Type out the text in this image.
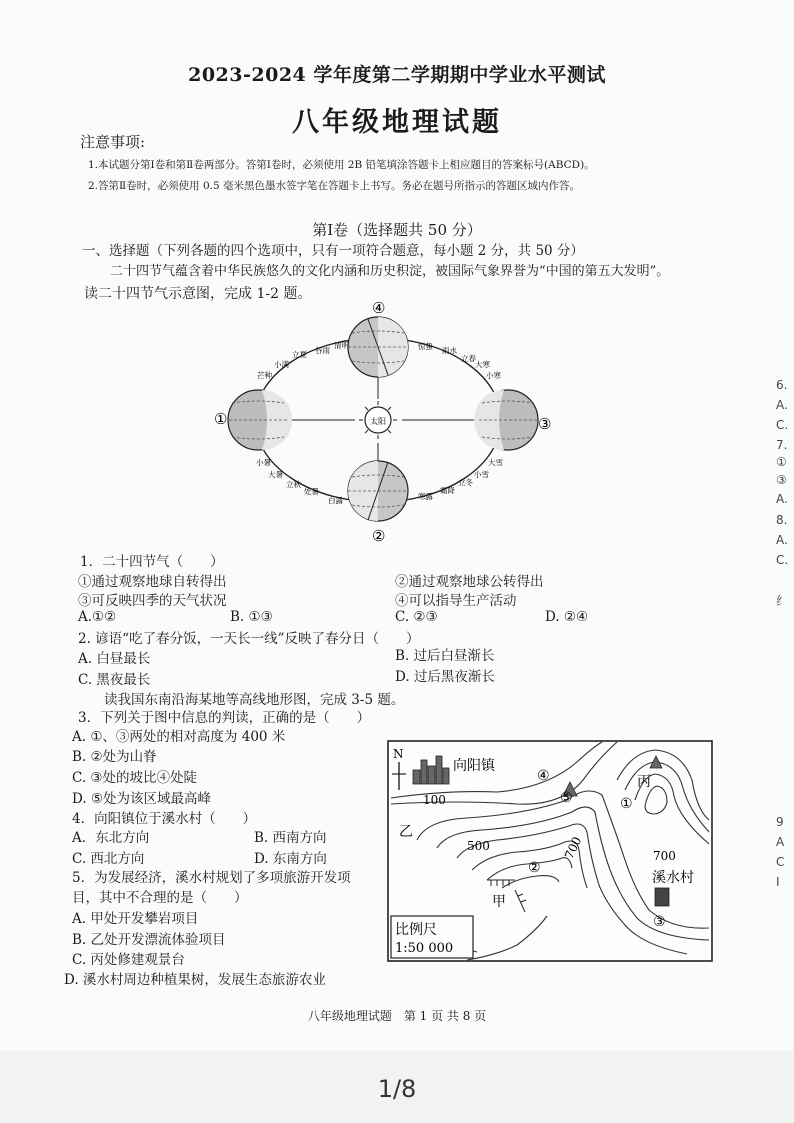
2023-2024 学年度第二学期期中学业水平测试
八年级地理试题
注意事项:
1.本试题分第Ⅰ卷和第Ⅱ卷两部分。答第Ⅰ卷时，必须使用 2B 铅笔填涂答题卡上相应题目的答案标号(ABCD)。
2.答第Ⅱ卷时，必须使用 0.5 毫米黑色墨水签字笔在答题卡上书写。务必在题号所指示的答题区域内作答。
第Ⅰ卷（选择题共 50 分）
一、选择题（下列各题的四个选项中，只有一项符合题意，每小题 2 分，共 50 分）
二十四节气蕴含着中华民族悠久的文化内涵和历史积淀，被国际气象界誉为“中国的第五大发明”。
读二十四节气示意图，完成 1-2 题。
太阳
①
②
③
④
谷雨
清明
立夏
小满
芒种
惊蛰 雨水
立春
大寒
小寒
小暑
大暑
立秋
处暑
白露	寒露
霜降
立冬
小雪
大雪
1．二十四节气（　　）
①通过观察地球自转得出	②通过观察地球公转得出
③可反映四季的天气状况	④可以指导生产活动
A.①②	B. ①③	C. ②③	D. ②④
2. 谚语“吃了春分饭，一天长一线”反映了春分日（　　）
A. 白昼最长	B. 过后白昼渐长
C. 黑夜最长	D. 过后黑夜渐长
读我国东南沿海某地等高线地形图，完成 3-5 题。
3．下列关于图中信息的判读，正确的是（　　）
A. ①、③两处的相对高度为 400 米
B. ②处为山脊
C. ③处的坡比④处陡
D. ⑤处为该区域最高峰
4．向阳镇位于溪水村（　　）
A．东北方向	B. 西南方向
C. 西北方向	D. 东南方向
5．为发展经济，溪水村规划了多项旅游开发项
目，其中不合理的是（　　）
A. 甲处开发攀岩项目
B. 乙处开发漂流体验项目
C. 丙处修建观景台
D. 溪水村周边种植果树，发展生态旅游农业
N
向阳镇
溪水村
100
500	700	700
乙
甲
丙
①
②
③
④
⑤
比例尺
1:50 000
八年级地理试题　第 1 页 共 8 页
6.
A.
C.
7.
①
③
A.
8.
A.
C.
纟
9
A
C
I
1/8
